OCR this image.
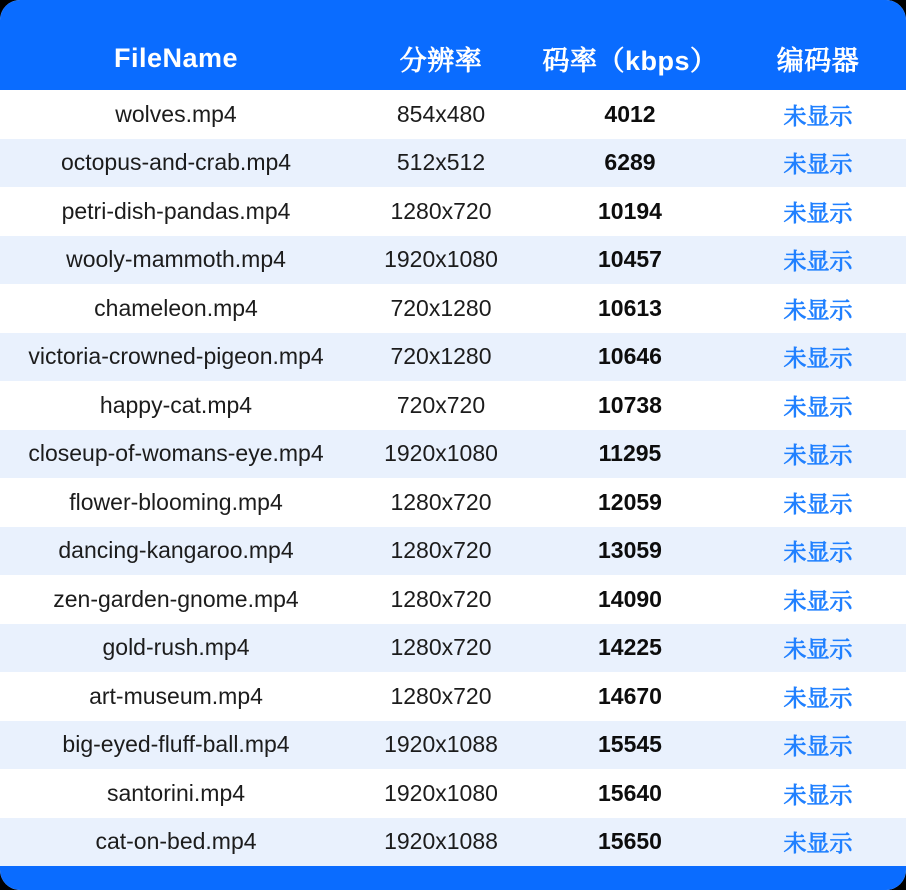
FileName	分辨率	码率（kbps）	编码器
wolves.mp4	854x480	4012	未显示
octopus-and-crab.mp4	512x512	6289	未显示
petri-dish-pandas.mp4	1280x720	10194	未显示
wooly-mammoth.mp4	1920x1080	10457	未显示
chameleon.mp4	720x1280	10613	未显示
victoria-crowned-pigeon.mp4	720x1280	10646	未显示
happy-cat.mp4	720x720	10738	未显示
closeup-of-womans-eye.mp4	1920x1080	11295	未显示
flower-blooming.mp4	1280x720	12059	未显示
dancing-kangaroo.mp4	1280x720	13059	未显示
zen-garden-gnome.mp4	1280x720	14090	未显示
gold-rush.mp4	1280x720	14225	未显示
art-museum.mp4	1280x720	14670	未显示
big-eyed-fluff-ball.mp4	1920x1088	15545	未显示
santorini.mp4	1920x1080	15640	未显示
cat-on-bed.mp4	1920x1088	15650	未显示
